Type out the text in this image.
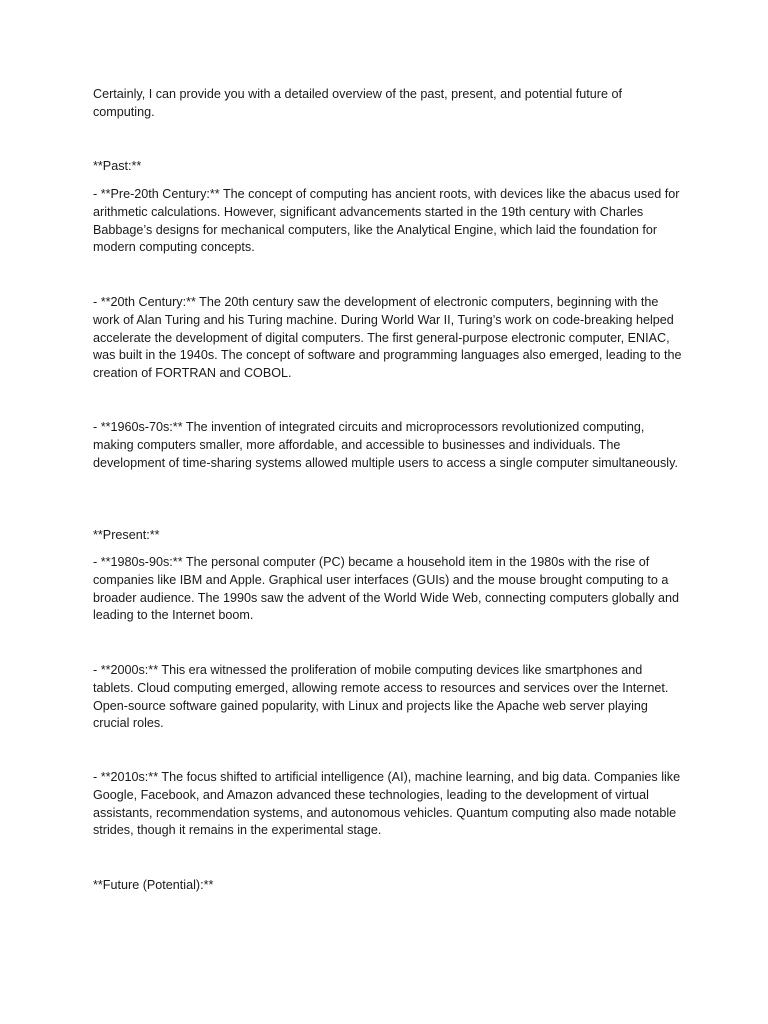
Certainly, I can provide you with a detailed overview of the past, present, and potential future of computing.

**Past:**

- **Pre-20th Century:** The concept of computing has ancient roots, with devices like the abacus used for arithmetic calculations. However, significant advancements started in the 19th century with Charles Babbage’s designs for mechanical computers, like the Analytical Engine, which laid the foundation for modern computing concepts.

- **20th Century:** The 20th century saw the development of electronic computers, beginning with the work of Alan Turing and his Turing machine. During World War II, Turing’s work on code-breaking helped accelerate the development of digital computers. The first general-purpose electronic computer, ENIAC, was built in the 1940s. The concept of software and programming languages also emerged, leading to the creation of FORTRAN and COBOL.

- **1960s-70s:** The invention of integrated circuits and microprocessors revolutionized computing, making computers smaller, more affordable, and accessible to businesses and individuals. The development of time-sharing systems allowed multiple users to access a single computer simultaneously.

**Present:**

- **1980s-90s:** The personal computer (PC) became a household item in the 1980s with the rise of companies like IBM and Apple. Graphical user interfaces (GUIs) and the mouse brought computing to a broader audience. The 1990s saw the advent of the World Wide Web, connecting computers globally and leading to the Internet boom.

- **2000s:** This era witnessed the proliferation of mobile computing devices like smartphones and tablets. Cloud computing emerged, allowing remote access to resources and services over the Internet. Open-source software gained popularity, with Linux and projects like the Apache web server playing crucial roles.

- **2010s:** The focus shifted to artificial intelligence (AI), machine learning, and big data. Companies like Google, Facebook, and Amazon advanced these technologies, leading to the development of virtual assistants, recommendation systems, and autonomous vehicles. Quantum computing also made notable strides, though it remains in the experimental stage.

**Future (Potential):**
